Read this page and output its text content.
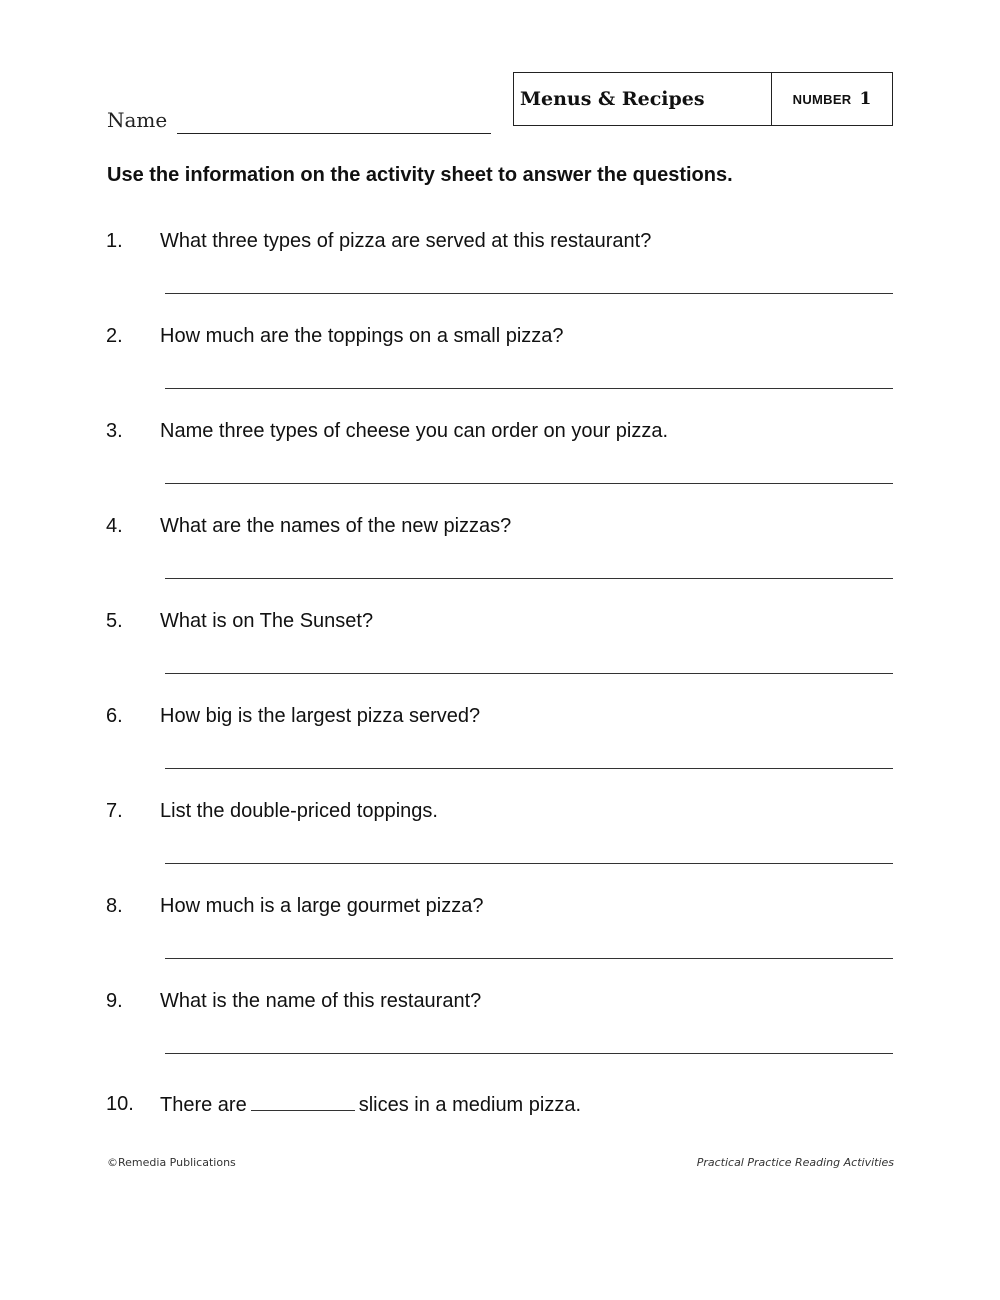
Name
Menus & Recipes	NUMBER 1
Use the information on the activity sheet to answer the questions.
1. What three types of pizza are served at this restaurant?
2. How much are the toppings on a small pizza?
3. Name three types of cheese you can order on your pizza.
4. What are the names of the new pizzas?
5. What is on The Sunset?
6. How big is the largest pizza served?
7. List the double-priced toppings.
8. How much is a large gourmet pizza?
9. What is the name of this restaurant?
10. There are	slices in a medium pizza.
©Remedia Publications	Practical Practice Reading Activities
